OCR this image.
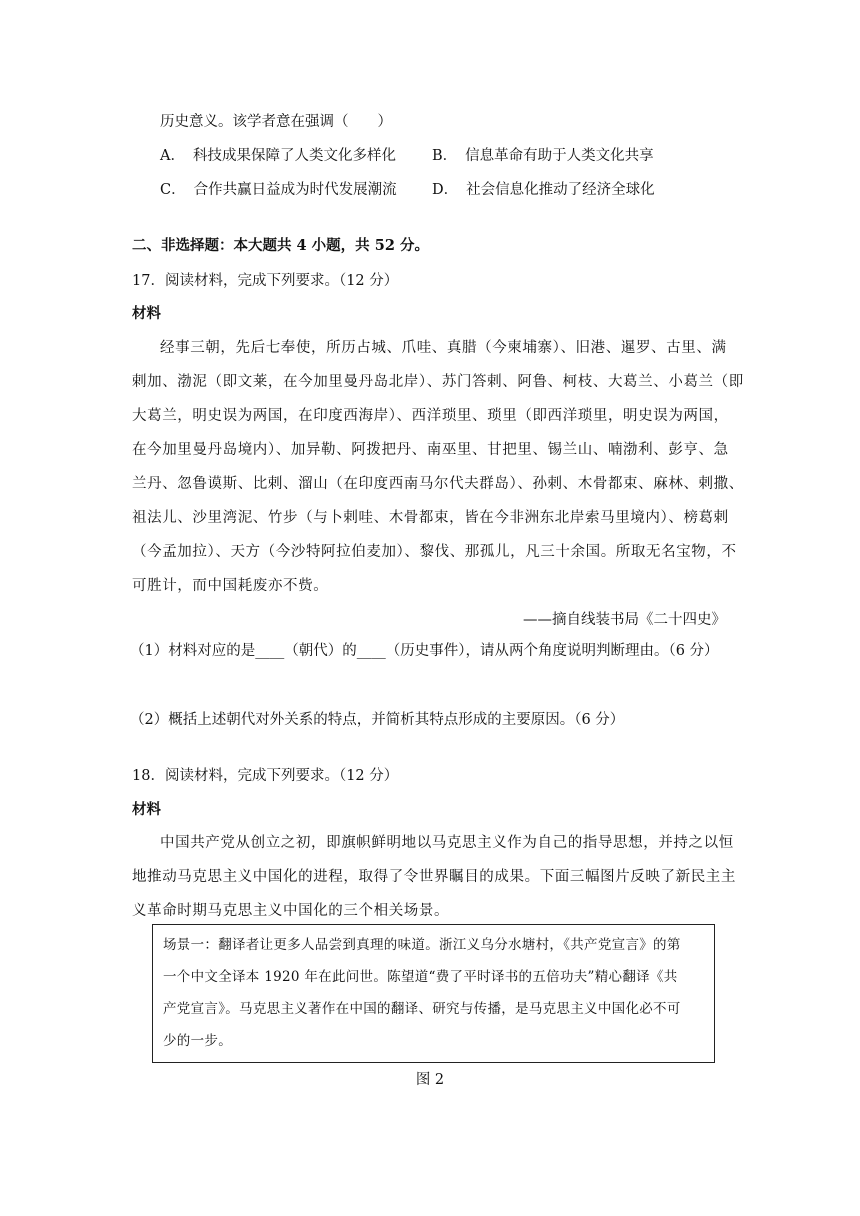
历史意义。该学者意在强调（　　）
A． 科技成果保障了人类文化多样化 B． 信息革命有助于人类文化共享
C． 合作共赢日益成为时代发展潮流 D． 社会信息化推动了经济全球化
二、非选择题：本大题共 4 小题，共 52 分。
17．阅读材料，完成下列要求。（12 分）
材料
经事三朝，先后七奉使，所历占城、爪哇、真腊（今柬埔寨）、旧港、暹罗、古里、满
剌加、渤泥（即文莱，在今加里曼丹岛北岸）、苏门答剌、阿鲁、柯枝、大葛兰、小葛兰（即
大葛兰，明史误为两国，在印度西海岸）、西洋琐里、琐里（即西洋琐里，明史误为两国，
在今加里曼丹岛境内）、加异勒、阿拨把丹、南巫里、甘把里、锡兰山、喃渤利、彭亨、急
兰丹、忽鲁谟斯、比剌、溜山（在印度西南马尔代夫群岛）、孙剌、木骨都束、麻林、剌撒、
祖法儿、沙里湾泥、竹步（与卜剌哇、木骨都束，皆在今非洲东北岸索马里境内）、榜葛剌
（今孟加拉）、天方（今沙特阿拉伯麦加）、黎伐、那孤儿，凡三十余国。所取无名宝物，不
可胜计，而中国耗废亦不赀。
——摘自线装书局《二十四史》
（1）材料对应的是____（朝代）的____（历史事件），请从两个角度说明判断理由。（6 分）
（2）概括上述朝代对外关系的特点，并简析其特点形成的主要原因。（6 分）
18．阅读材料，完成下列要求。（12 分）
材料
中国共产党从创立之初，即旗帜鲜明地以马克思主义作为自己的指导思想，并持之以恒
地推动马克思主义中国化的进程，取得了令世界瞩目的成果。下面三幅图片反映了新民主主
义革命时期马克思主义中国化的三个相关场景。
场景一：翻译者让更多人品尝到真理的味道。浙江义乌分水塘村，《共产党宣言》的第
一个中文全译本 1920 年在此问世。陈望道“费了平时译书的五倍功夫”精心翻译《共
产党宣言》。马克思主义著作在中国的翻译、研究与传播，是马克思主义中国化必不可
少的一步。
图 2
